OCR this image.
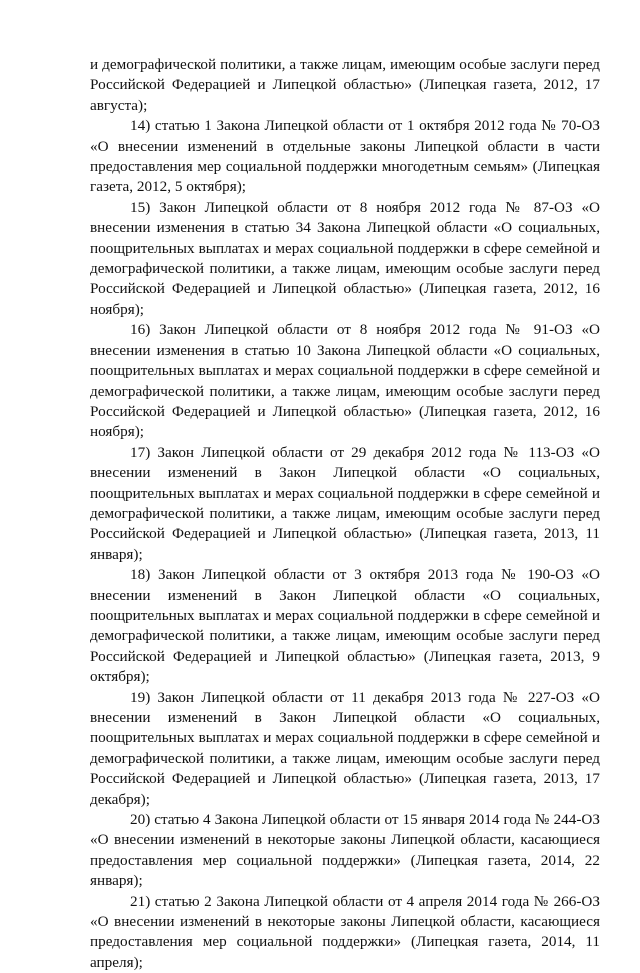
и демографической политики, а также лицам, имеющим особые заслуги перед Российской Федерацией и Липецкой областью» (Липецкая газета, 2012, 17 августа);

14) статью 1 Закона Липецкой области от 1 октября 2012 года № 70-ОЗ «О внесении изменений в отдельные законы Липецкой области в части предоставления мер социальной поддержки многодетным семьям» (Липецкая газета, 2012, 5 октября);

15) Закон Липецкой области от 8 ноября 2012 года № 87-ОЗ «О внесении изменения в статью 34 Закона Липецкой области «О социальных, поощрительных выплатах и мерах социальной поддержки в сфере семейной и демографической политики, а также лицам, имеющим особые заслуги перед Российской Федерацией и Липецкой областью» (Липецкая газета, 2012, 16 ноября);

16) Закон Липецкой области от 8 ноября 2012 года № 91-ОЗ «О внесении изменения в статью 10 Закона Липецкой области «О социальных, поощрительных выплатах и мерах социальной поддержки в сфере семейной и демографической политики, а также лицам, имеющим особые заслуги перед Российской Федерацией и Липецкой областью» (Липецкая газета, 2012, 16 ноября);

17) Закон Липецкой области от 29 декабря 2012 года № 113-ОЗ «О внесении изменений в Закон Липецкой области «О социальных, поощрительных выплатах и мерах социальной поддержки в сфере семейной и демографической политики, а также лицам, имеющим особые заслуги перед Российской Федерацией и Липецкой областью» (Липецкая газета, 2013, 11 января);

18) Закон Липецкой области от 3 октября 2013 года № 190-ОЗ «О внесении изменений в Закон Липецкой области «О социальных, поощрительных выплатах и мерах социальной поддержки в сфере семейной и демографической политики, а также лицам, имеющим особые заслуги перед Российской Федерацией и Липецкой областью» (Липецкая газета, 2013, 9 октября);

19) Закон Липецкой области от 11 декабря 2013 года № 227-ОЗ «О внесении изменений в Закон Липецкой области «О социальных, поощрительных выплатах и мерах социальной поддержки в сфере семейной и демографической политики, а также лицам, имеющим особые заслуги перед Российской Федерацией и Липецкой областью» (Липецкая газета, 2013, 17 декабря);

20) статью 4 Закона Липецкой области от 15 января 2014 года № 244-ОЗ «О внесении изменений в некоторые законы Липецкой области, касающиеся предоставления мер социальной поддержки» (Липецкая газета, 2014, 22 января);

21) статью 2 Закона Липецкой области от 4 апреля 2014 года № 266-ОЗ «О внесении изменений в некоторые законы Липецкой области, касающиеся предоставления мер социальной поддержки» (Липецкая газета, 2014, 11 апреля);
